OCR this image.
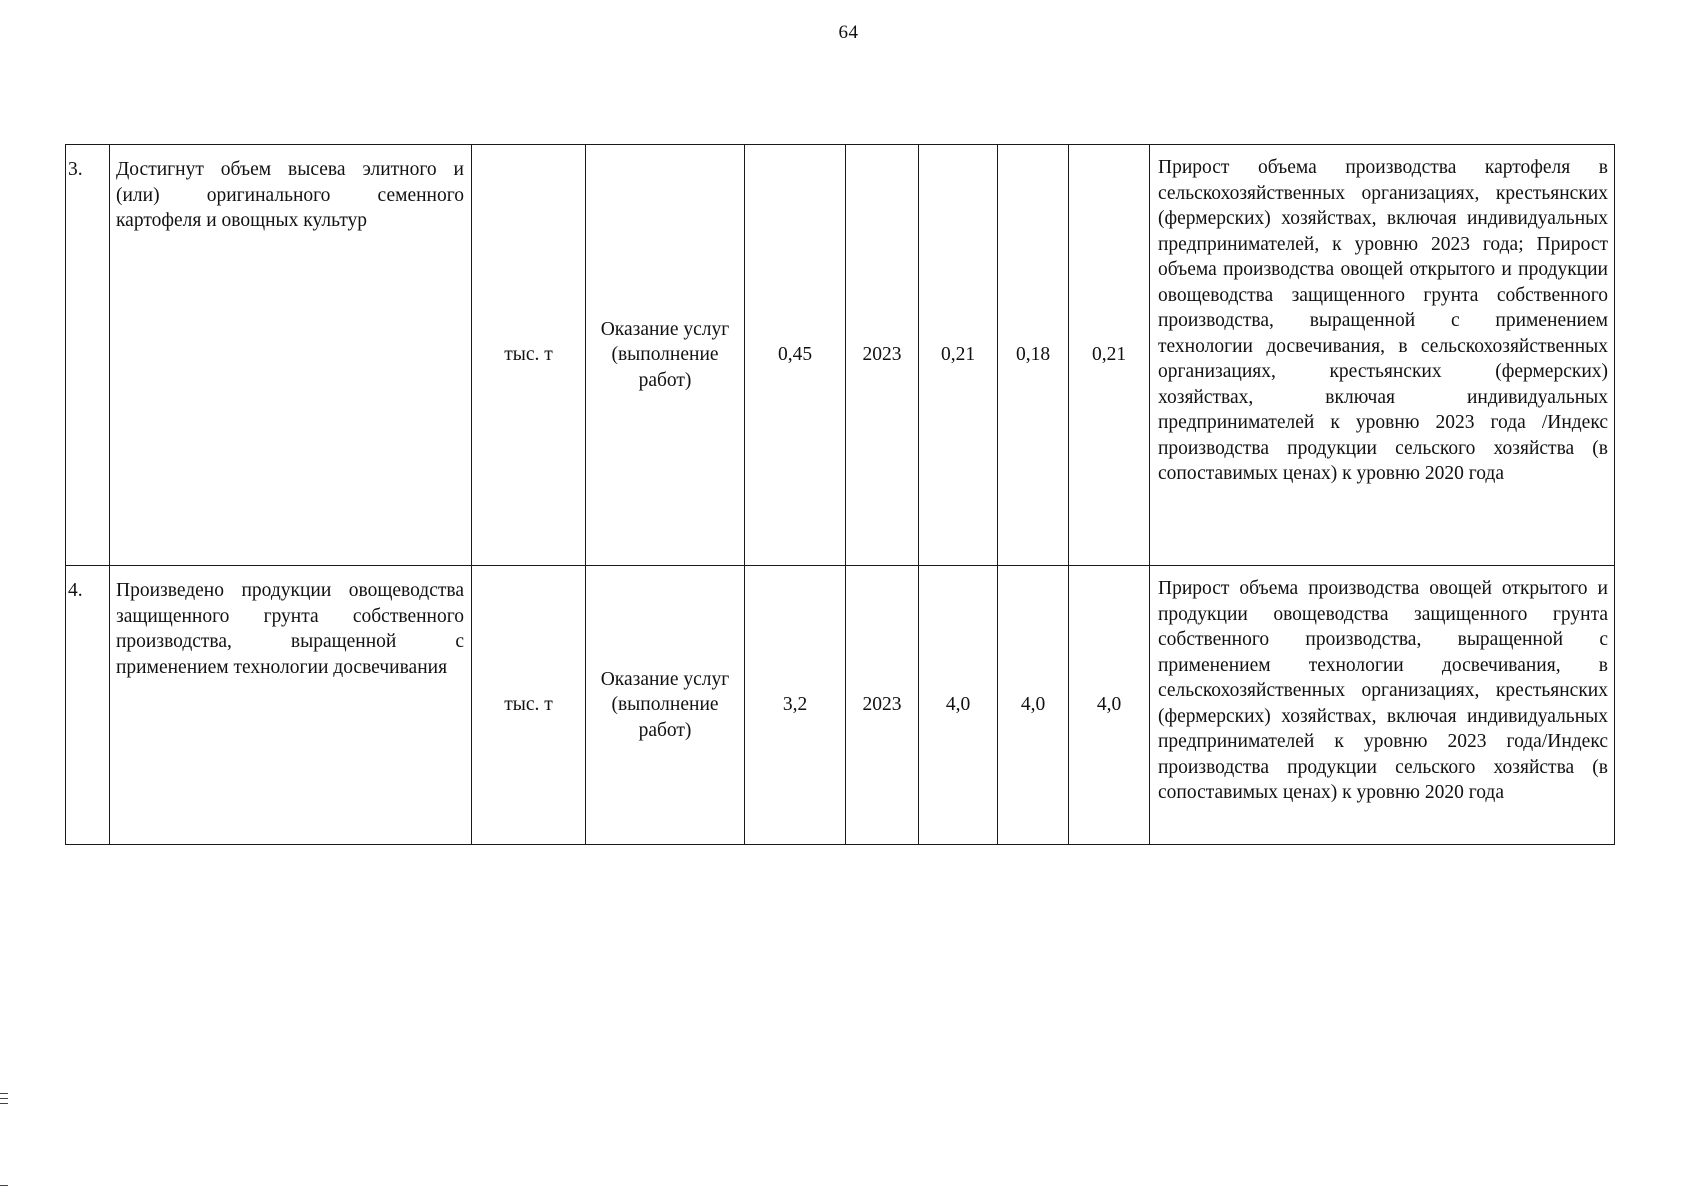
64
3.	Достигнут объем высева элитного и (или) оригинального семенного картофеля и овощных культур	тыс. т	Оказание услуг (выполнение работ)	0,45	2023	0,21	0,18	0,21	Прирост объема производства картофеля в сельскохозяйственных организациях, крестьянских (фермерских) хозяйствах, включая индивидуальных предпринимателей, к уровню 2023 года; Прирост объема производства овощей открытого и продукции овощеводства защищенного грунта собственного производства, выращенной с применением технологии досвечивания, в сельскохозяйственных организациях, крестьянских (фермерских) хозяйствах, включая индивидуальных предпринимателей к уровню 2023 года /Индекс производства продукции сельского хозяйства (в сопоставимых ценах) к уровню 2020 года
4.	Произведено продукции овощеводства защищенного грунта собственного производства, выращенной с применением технологии досвечивания	тыс. т	Оказание услуг (выполнение работ)	3,2	2023	4,0	4,0	4,0	Прирост объема производства овощей открытого и продукции овощеводства защищенного грунта собственного производства, выращенной с применением технологии досвечивания, в сельскохозяйственных организациях, крестьянских (фермерских) хозяйствах, включая индивидуальных предпринимателей к уровню 2023 года/Индекс производства продукции сельского хозяйства (в сопоставимых ценах) к уровню 2020 года
